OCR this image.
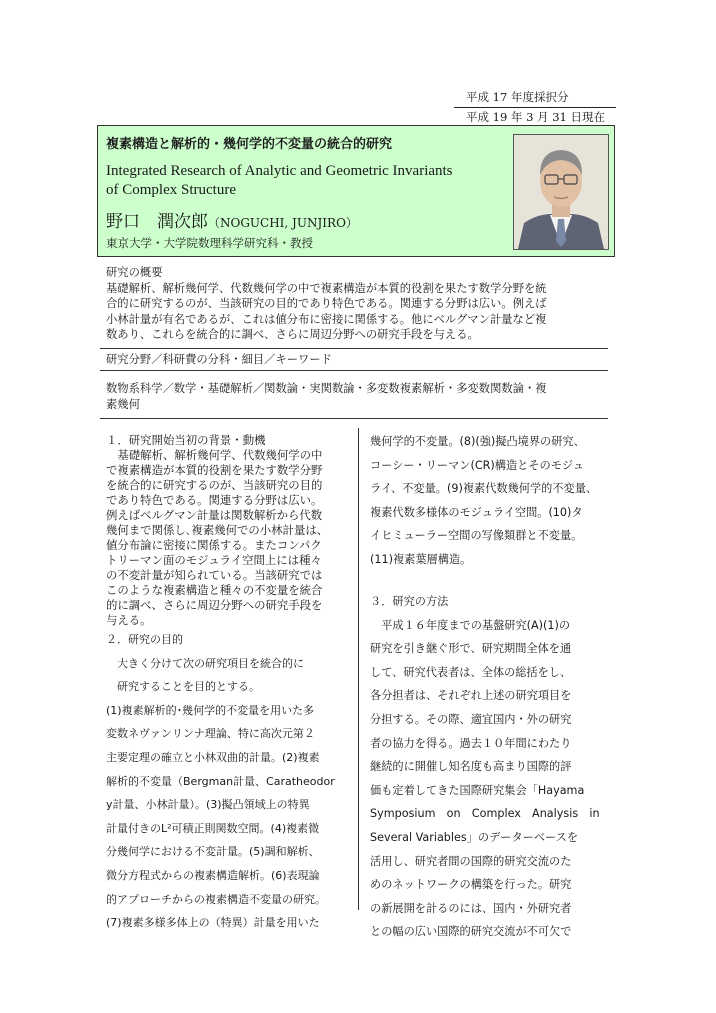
平成 17 年度採択分
平成 19 年 3 月 31 日現在
複素構造と解析的・幾何学的不変量の統合的研究
Integrated Research of Analytic and Geometric Invariants
of Complex Structure
野口　潤次郎（NOGUCHI, JUNJIRO）
東京大学・大学院数理科学研究科・教授
研究の概要
基礎解析、解析幾何学、代数幾何学の中で複素構造が本質的役割を果たす数学分野を統
合的に研究するのが、当該研究の目的であり特色である。関連する分野は広い。例えば
小林計量が有名であるが、これは値分布に密接に関係する。他にベルグマン計量など複
数あり、これらを統合的に調べ、さらに周辺分野への研究手段を与える。
研究分野／科研費の分科・細目／キーワード
数物系科学／数学・基礎解析／関数論・実関数論・多変数複素解析・多変数関数論・複
素幾何
１．研究開始当初の背景・動機
　基礎解析、解析幾何学、代数幾何学の中
で複素構造が本質的役割を果たす数学分野
を統合的に研究するのが、当該研究の目的
であり特色である。関連する分野は広い。
例えばベルグマン計量は関数解析から代数
幾何まで関係し､複素幾何での小林計量は、
値分布論に密接に関係する。またコンパク
トリーマン面のモジュライ空間上には種々
の不変計量が知られている。当該研究では
このような複素構造と種々の不変量を統合
的に調べ、さらに周辺分野への研究手段を
与える。
２．研究の目的
　大きく分けて次の研究項目を統合的に
　研究することを目的とする。
(1)複素解析的･幾何学的不変量を用いた多
変数ネヴァンリンナ理論、特に高次元第２
主要定理の確立と小林双曲的計量。(2)複素
解析的不変量（Bergman計量、Caratheodor
y計量、小林計量）。(3)擬凸領域上の特異
計量付きのL²可積正則関数空間。(4)複素微
分幾何学における不変計量。(5)調和解析、
微分方程式からの複素構造解析。(6)表現論
的アプローチからの複素構造不変量の研究。
(7)複素多様多体上の（特異）計量を用いた
幾何学的不変量。(8)(強)擬凸境界の研究、
コーシー・リーマン(CR)構造とそのモジュ
ライ、不変量。(9)複素代数幾何学的不変量、
複素代数多様体のモジュライ空間。(10)タ
イヒミューラー空間の写像類群と不変量。
(11)複素葉層構造。
３．研究の方法
　平成１６年度までの基盤研究(A)(1)の
研究を引き継ぐ形で、研究期間全体を通
して、研究代表者は、全体の総括をし、
各分担者は、それぞれ上述の研究項目を
分担する。その際、適宜国内・外の研究
者の協力を得る。過去１０年間にわたり
継続的に開催し知名度も高まり国際的評
価も定着してきた国際研究集会「Hayama
Symposium　on　Complex　Analysis　in
Several Variables」のデーターベースを
活用し、研究者間の国際的研究交流のた
めのネットワークの構築を行った。研究
の新展開を計るのには、国内・外研究者
との幅の広い国際的研究交流が不可欠で
